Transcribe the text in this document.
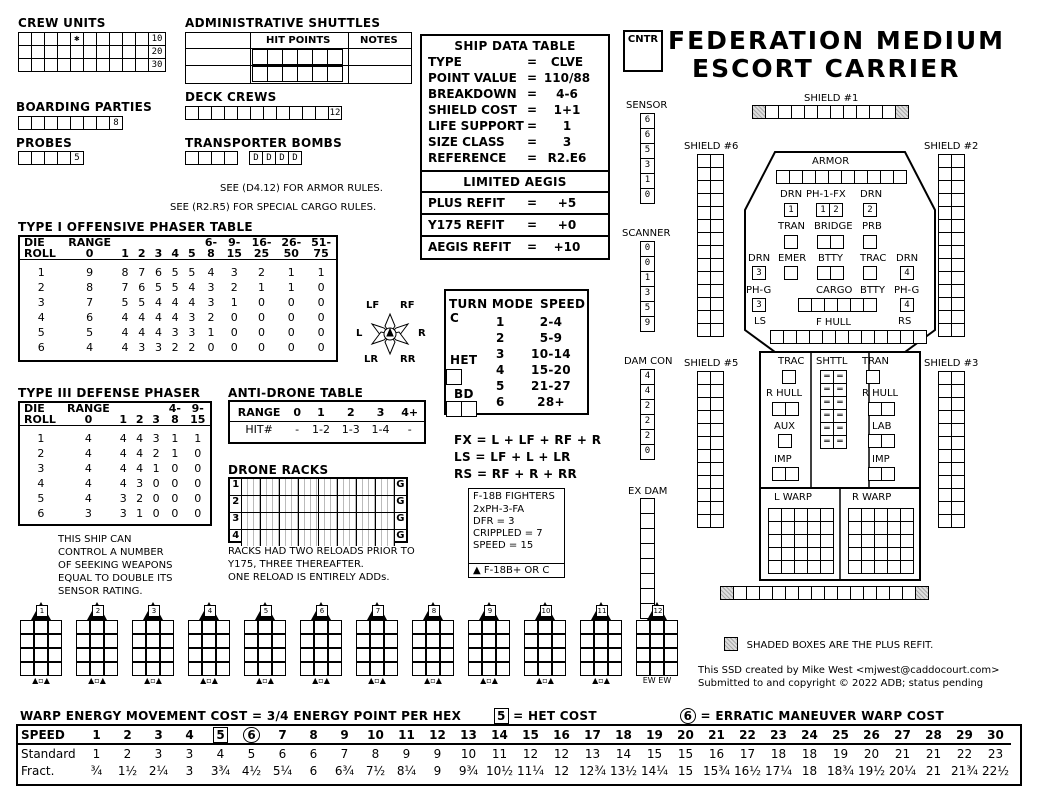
CNTR FEDERATION MEDIUM
ESCORT CARRIER
CREW UNITS
✱	10
20
30
BOARDING PARTIES
8
PROBES
5
ADMINISTRATIVE SHUTTLES
HIT POINTS	NOTES
DECK CREWS
12
TRANSPORTER BOMBS
D D D D
SEE (D4.12) FOR ARMOR RULES.
SEE (R2.R5) FOR SPECIAL CARGO RULES.
SHIP DATA TABLE
TYPE	=	CLVE
POINT VALUE = 110/88
BREAKDOWN =	4-6
SHIELD COST =	1+1
LIFE SUPPORT =	1
SIZE CLASS =	3
REFERENCE = R2.E6
LIMITED AEGIS
PLUS REFIT =	+5
Y175 REFIT =	+0
AEGIS REFIT =	+10
TYPE I OFFENSIVE PHASER TABLE
DIE	RANGE						6-	9-	16-	26-	51-
ROLL	0	1	2	3	4	5	8	15	25	50	75

1	9	8	7	6	5	5	4	3	2	1	1
2	8	7	6	5	5	4	3	2	1	1	0
3	7	5	5	4	4	4	3	1	0	0	0
4	6	4	4	4	4	3	2	0	0	0	0
5	5	4	4	4	3	3	1	0	0	0	0
6	4	4	3	3	2	2	0	0	0	0	0
LF RF
L	R
LR RR
TURN MODE SPEED
C	1	2-4
2	5-9
3	10-14
4	15-20
5	21-27
6	28+
HET
BD
FX = L + LF + RF + R
LS = LF + L + LR
RS = RF + R + RR
F-18B FIGHTERS
2xPH-3-FA
DFR = 3
CRIPPLED = 7
SPEED = 15
▲ F-18B+ OR C
TYPE III DEFENSE PHASER
DIE	RANGE				4-	9-
ROLL	0	1	2	3	8	15

1	4	4	4	3	1	1
2	4	4	4	2	1	0
3	4	4	4	1	0	0
4	4	4	3	0	0	0
5	4	3	2	0	0	0
6	3	3	1	0	0	0
THIS SHIP CAN
CONTROL A NUMBER
OF SEEKING WEAPONS
EQUAL TO DOUBLE ITS
SENSOR RATING.
ANTI-DRONE TABLE
RANGE	0	1	2	3	4+
HIT#	-	1-2	1-3	1-4	-
DRONE RACKS
1	G
2	G
3	G
4	G
RACKS HAD TWO RELOADS PRIOR TO
Y175, THREE THEREAFTER.
ONE RELOAD IS ENTIRELY ADDs.
SENSOR
6
6
5
3
1
0
SCANNER
0
0
1
3
5
9
DAM CON
4
4
2
2
2
0
EX DAM
SHIELD #1
SHIELD #6	SHIELD #2
SHIELD #5	SHIELD #3
ARMOR
DRN PH-1-FX DRN
1	2
1 2
TRAN BRIDGE PRB
DRN
3
DRN
4
EMER BTTY TRAC
PH-G
3
LS
PH-G
4
RS
CARGO BTTY
F HULL
TRAC SHTTL
═ ═
═ ═
═ ═
═ ═
═ ═
═ ═
TRAN
R HULL	R HULL
AUX	LAB
IMP	IMP
L WARP	R WARP
SHADED BOXES ARE THE PLUS REFIT.
This SSD created by Mike West <mjwest@caddocourt.com>
Submitted to and copyright © 2022 ADB; status pending
1
▲▫▲
2
▲▫▲
3
▲▫▲
4
▲▫▲
5
▲▫▲
6
▲▫▲
7
▲▫▲
8
▲▫▲
9
▲▫▲
10
▲▫▲
11
▲▫▲
12
EW EW
WARP ENERGY MOVEMENT COST = 3/4 ENERGY POINT PER HEX	5 = HET COST	6 = ERRATIC MANEUVER WARP COST
SPEED	1	2	3	4	5	6	7	8	9	10	11	12	13	14	15	16	17	18	19	20	21	22	23	24	25	26	27	28	29	30
Standard	1	2	3	3	4	5	6	6	7	8	9	9	10	11	12	12	13	14	15	15	16	17	18	18	19	20	21	21	22	23
Fract.	¾	1½	2¼	3	3¾	4½	5¼	6	6¾	7½	8¼	9	9¾	10½	11¼	12	12¾	13½	14¼	15	15¾	16½	17¼	18	18¾	19½	20¼	21	21¾	22½
